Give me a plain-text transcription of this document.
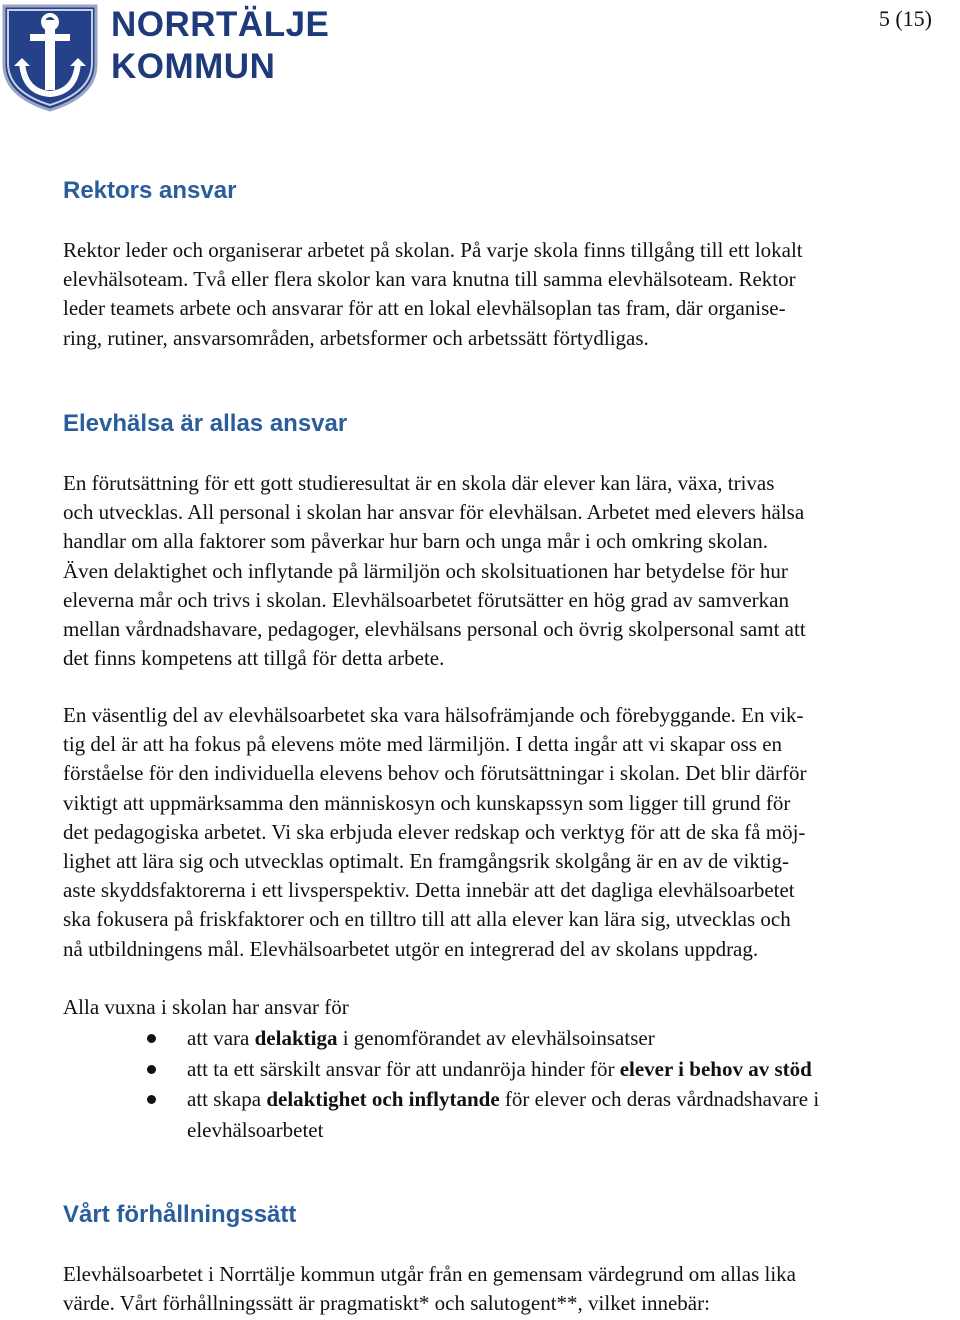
NORRTÄLJE
KOMMUN
5 (15)
Rektors ansvar

Rektor leder och organiserar arbetet på skolan. På varje skola finns tillgång till ett lokalt
elevhälsoteam. Två eller flera skolor kan vara knutna till samma elevhälsoteam. Rektor
leder teamets arbete och ansvarar för att en lokal elevhälsoplan tas fram, där organise-
ring, rutiner, ansvarsområden, arbetsformer och arbetssätt förtydligas.

Elevhälsa är allas ansvar

En förutsättning för ett gott studieresultat är en skola där elever kan lära, växa, trivas
och utvecklas. All personal i skolan har ansvar för elevhälsan. Arbetet med elevers hälsa
handlar om alla faktorer som påverkar hur barn och unga mår i och omkring skolan.
Även delaktighet och inflytande på lärmiljön och skolsituationen har betydelse för hur
eleverna mår och trivs i skolan. Elevhälsoarbetet förutsätter en hög grad av samverkan
mellan vårdnadshavare, pedagoger, elevhälsans personal och övrig skolpersonal samt att
det finns kompetens att tillgå för detta arbete.

En väsentlig del av elevhälsoarbetet ska vara hälsofrämjande och förebyggande. En vik-
tig del är att ha fokus på elevens möte med lärmiljön. I detta ingår att vi skapar oss en
förståelse för den individuella elevens behov och förutsättningar i skolan. Det blir därför
viktigt att uppmärksamma den människosyn och kunskapssyn som ligger till grund för
det pedagogiska arbetet. Vi ska erbjuda elever redskap och verktyg för att de ska få möj-
lighet att lära sig och utvecklas optimalt. En framgångsrik skolgång är en av de viktig-
aste skyddsfaktorerna i ett livsperspektiv. Detta innebär att det dagliga elevhälsoarbetet
ska fokusera på friskfaktorer och en tilltro till att alla elever kan lära sig, utvecklas och
nå utbildningens mål. Elevhälsoarbetet utgör en integrerad del av skolans uppdrag.

Alla vuxna i skolan har ansvar för

att vara delaktiga i genomförandet av elevhälsoinsatser
att ta ett särskilt ansvar för att undanröja hinder för elever i behov av stöd
att skapa delaktighet och inflytande för elever och deras vårdnadshavare i
elevhälsoarbetet
Vårt förhållningssätt

Elevhälsoarbetet i Norrtälje kommun utgår från en gemensam värdegrund om allas lika
värde. Vårt förhållningssätt är pragmatiskt* och salutogent**, vilket innebär:
